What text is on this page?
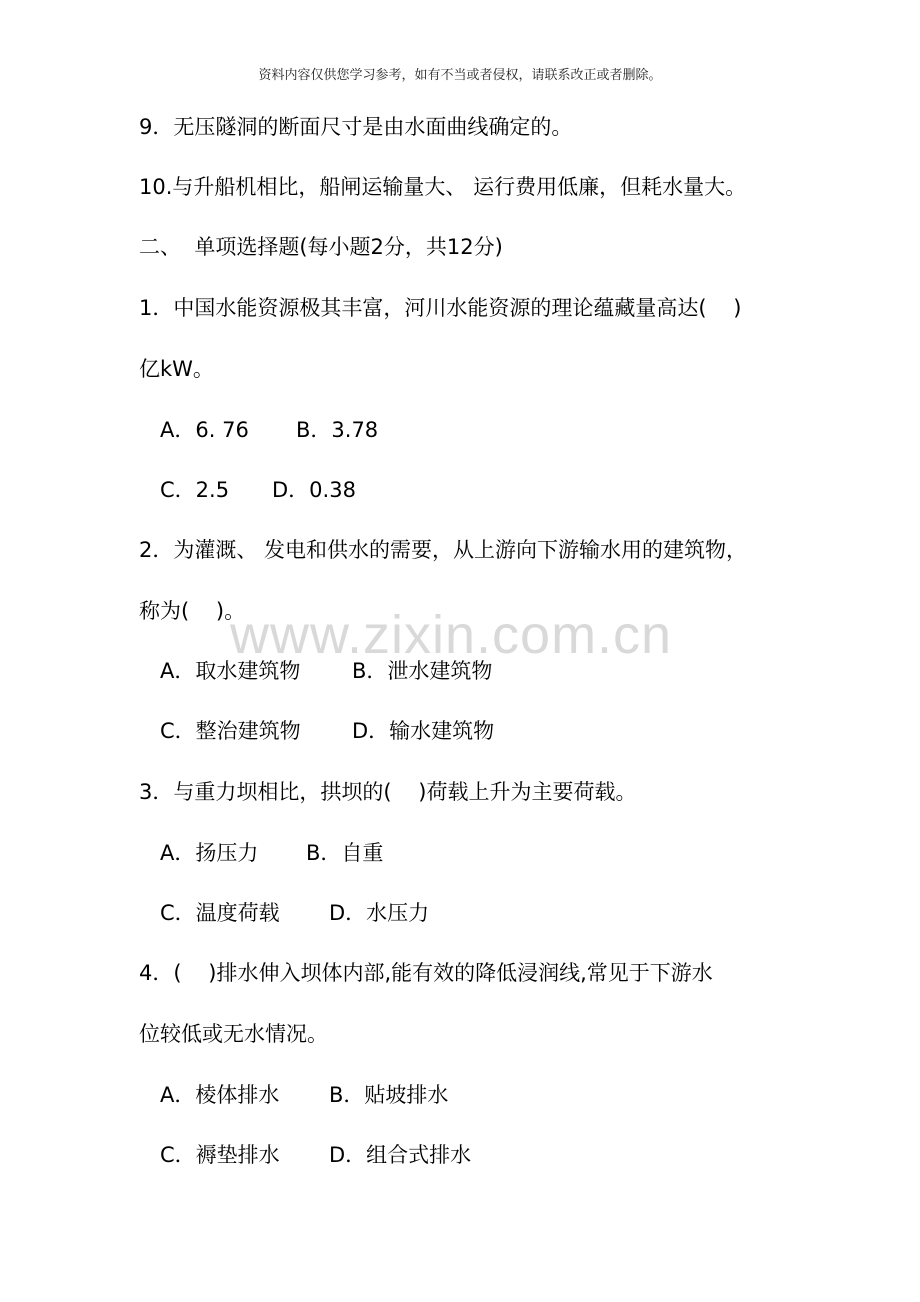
资料内容仅供您学习参考，如有不当或者侵权，请联系改正或者删除。
www.zixin.com.cn
9．无压隧洞的断面尺寸是由水面曲线确定的。
10.与升船机相比，船闸运输量大、 运行费用低廉，但耗水量大。
二、  单项选择题(每小题2分，共12分)
1．中国水能资源极其丰富，河川水能资源的理论蕴藏量高达(    )
亿kW。
A．6. 76 B．3.78
C．2.5 D．0.38
2．为灌溉、 发电和供水的需要，从上游向下游输水用的建筑物，
称为(    )。
A．取水建筑物 B．泄水建筑物
C．整治建筑物 D．输水建筑物
3．与重力坝相比，拱坝的(    )荷载上升为主要荷载。
A．扬压力 B．自重
C．温度荷载 D．水压力
4．(    )排水伸入坝体内部,能有效的降低浸润线,常见于下游水
位较低或无水情况。
A．棱体排水 B．贴坡排水
C．褥垫排水 D．组合式排水
